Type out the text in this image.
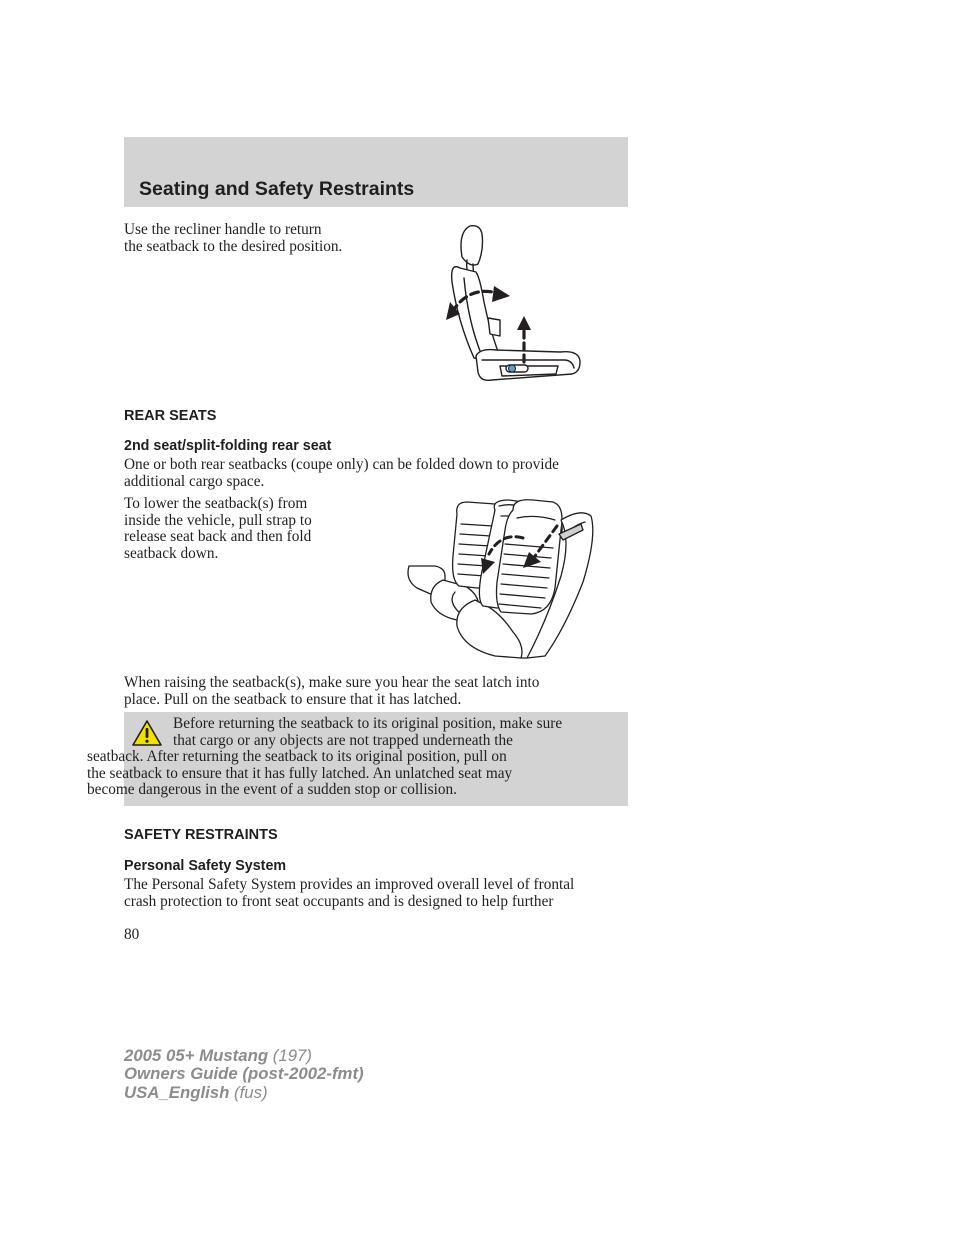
Seating and Safety Restraints

Use the recliner handle to return
the seatback to the desired position.

REAR SEATS
2nd seat/split-folding rear seat

One or both rear seatbacks (coupe only) can be folded down to provide
additional cargo space.

To lower the seatback(s) from
inside the vehicle, pull strap to
release seat back and then fold
seatback down.

When raising the seatback(s), make sure you hear the seat latch into
place. Pull on the seatback to ensure that it has latched.

Before returning the seatback to its original position, make sure
that cargo or any objects are not trapped underneath the
seatback. After returning the seatback to its original position, pull on
the seatback to ensure that it has fully latched. An unlatched seat may
become dangerous in the event of a sudden stop or collision.

SAFETY RESTRAINTS
Personal Safety System

The Personal Safety System provides an improved overall level of frontal
crash protection to front seat occupants and is designed to help further

80

2005 05+ Mustang (197)
Owners Guide (post-2002-fmt)
USA_English (fus)
